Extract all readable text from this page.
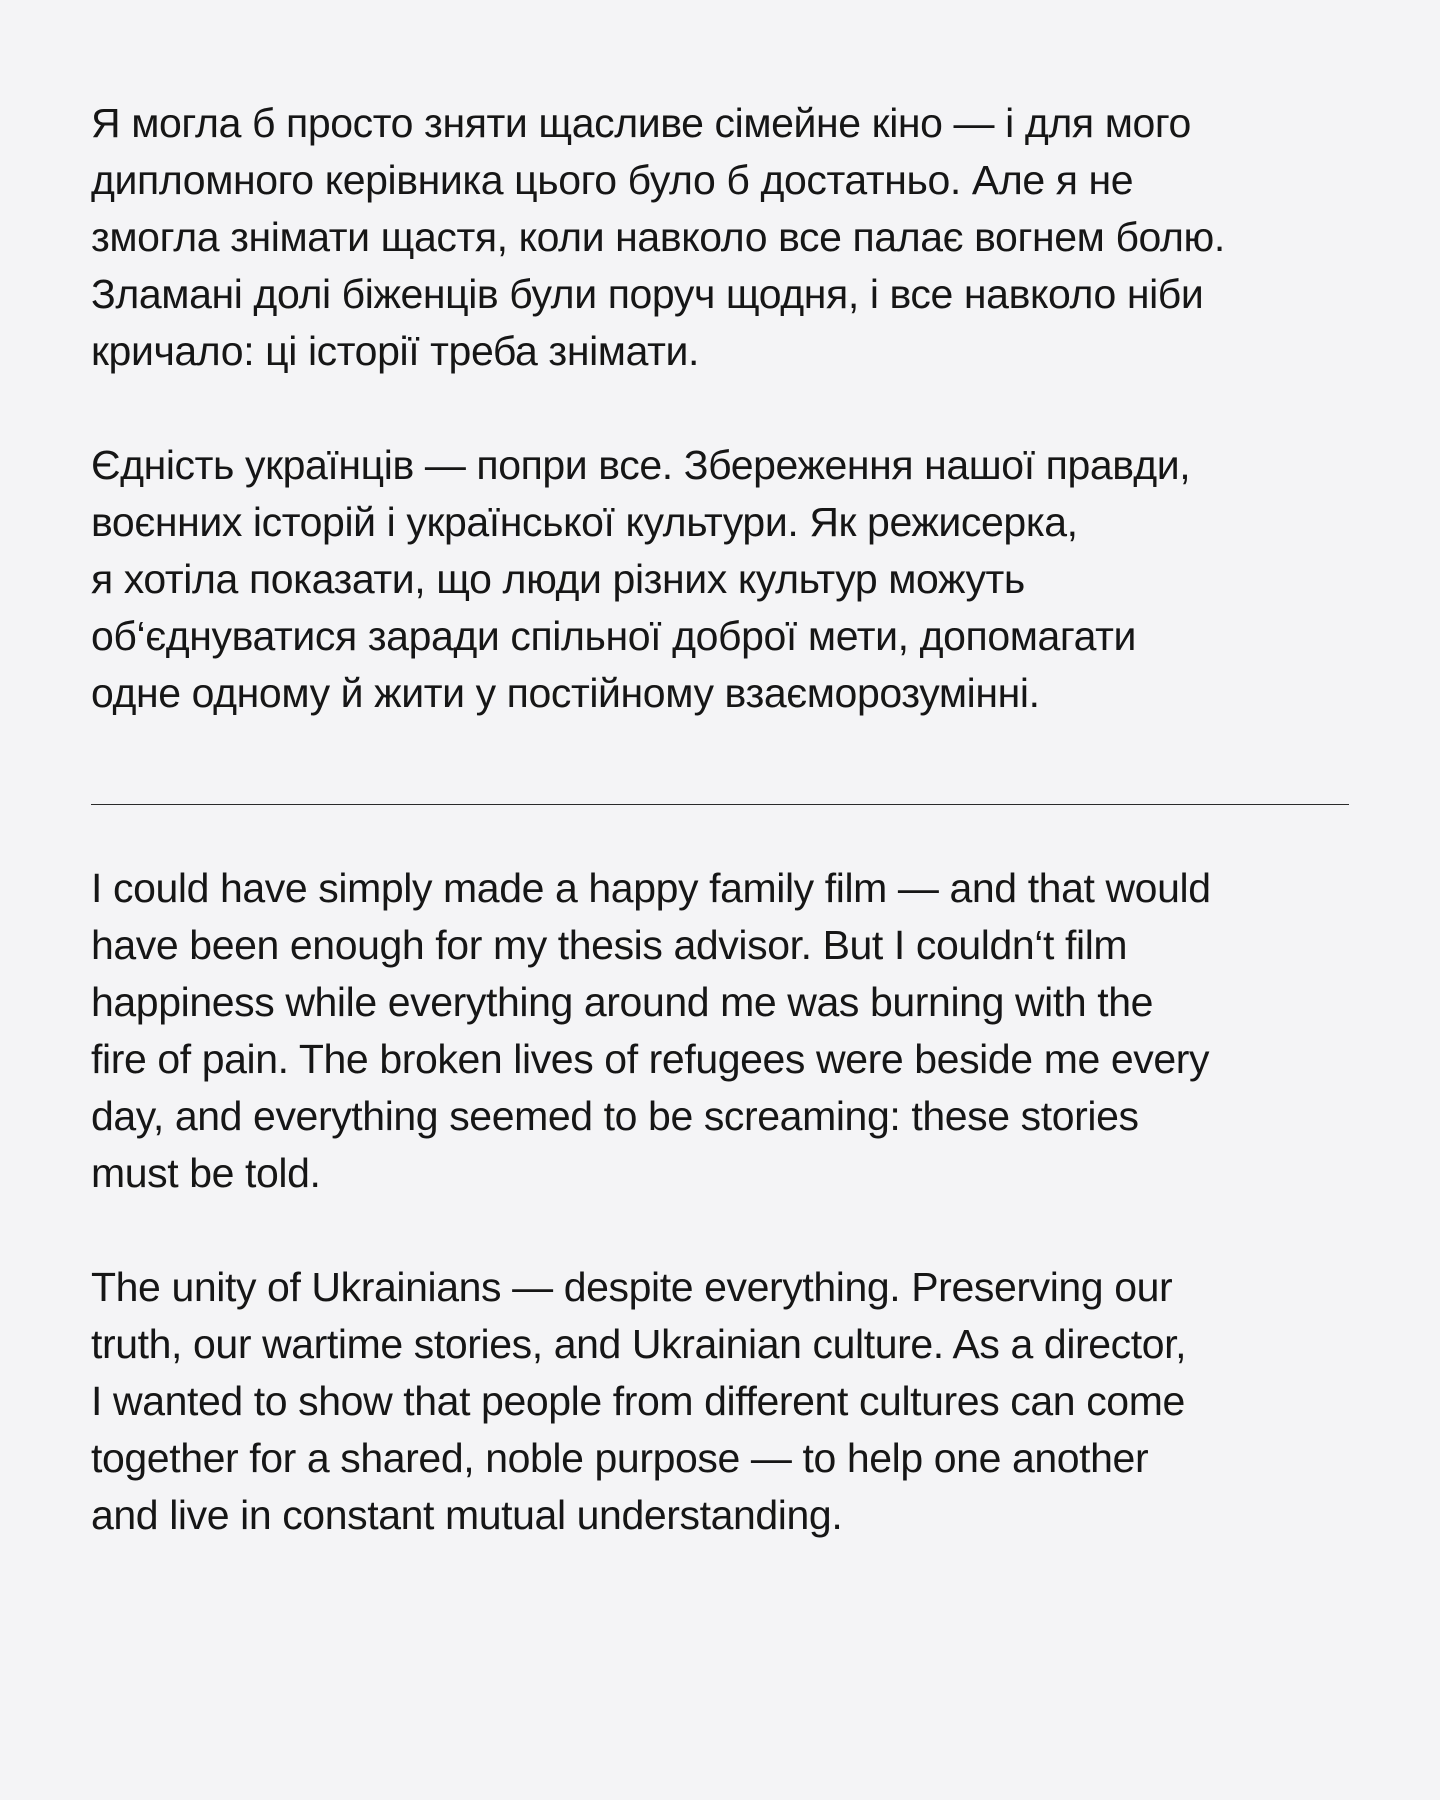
Я могла б просто зняти щасливе сімейне кіно — і для мого
дипломного керівника цього було б достатньо. Але я не
змогла знімати щастя, коли навколо все палає вогнем болю.
Зламані долі біженців були поруч щодня, і все навколо ніби
кричало: ці історії треба знімати.

Єдність українців — попри все. Збереження нашої правди,
воєнних історій і української культури. Як режисерка,
я хотіла показати, що люди різних культур можуть
об‘єднуватися заради спільної доброї мети, допомагати
одне одному й жити у постійному взаєморозумінні.

I could have simply made a happy family film — and that would
have been enough for my thesis advisor. But I couldn‘t film
happiness while everything around me was burning with the
fire of pain. The broken lives of refugees were beside me every
day, and everything seemed to be screaming: these stories
must be told.

The unity of Ukrainians — despite everything. Preserving our
truth, our wartime stories, and Ukrainian culture. As a director,
I wanted to show that people from different cultures can come
together for a shared, noble purpose — to help one another
and live in constant mutual understanding.
